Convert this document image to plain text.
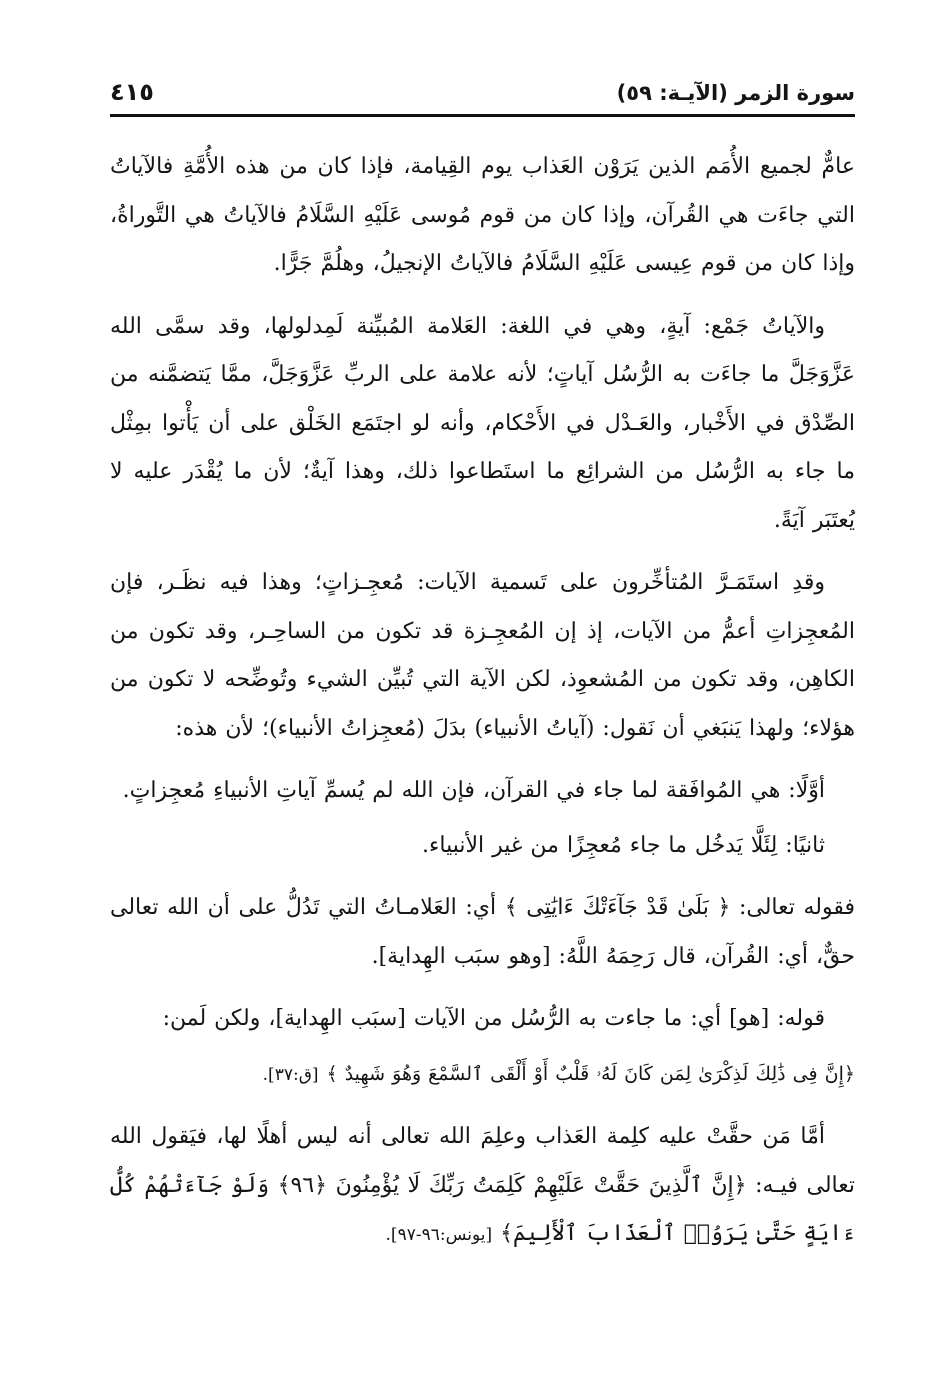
سورة الزمر (الآيـة: ٥٩)
٤١٥

عامٌّ لجميع الأُمَم الذين يَرَوْن العَذاب يوم القِيامة، فإذا كان من هذه الأُمَّةِ فالآياتُ التي جاءَت هي القُرآن، وإذا كان من قوم مُوسى عَلَيْهِ السَّلَامُ فالآياتُ هي التَّوراةُ، وإذا كان من قوم عِيسى عَلَيْهِ السَّلَامُ فالآياتُ الإنجيلُ، وهلُمَّ جَرًّا.

والآياتُ جَمْع: آيةٍ، وهي في اللغة: العَلامة المُبيِّنة لَمِدلولها، وقد سمَّى الله عَزَّوَجَلَّ ما جاءَت به الرُّسُل آياتٍ؛ لأنه علامة على الربِّ عَزَّوَجَلَّ، ممَّا يَتضمَّنه من الصِّدْق في الأَخْبار، والعَـدْل في الأَحْكام، وأنه لو اجتَمَع الخَلْق على أن يَأْتوا بمِثْل ما جاء به الرُّسُل من الشرائِع ما استَطاعوا ذلك، وهذا آيةٌ؛ لأن ما يُقْدَر عليه لا يُعتَبَر آيَةً.

وقدِ استَمَـرَّ المُتأخِّرون على تَسمية الآيات: مُعجِـزاتٍ؛ وهذا فيه نظَـر، فإن المُعجِزاتِ أعمُّ من الآيات، إذ إن المُعجِـزة قد تكون من الساحِـر، وقد تكون من الكاهِن، وقد تكون من المُشعوِذ، لكن الآية التي تُبيِّن الشيء وتُوضِّحه لا تكون من هؤلاء؛ ولهذا يَنبَغي أن نَقول: (آياتُ الأنبياء) بدَلَ (مُعجِزاتُ الأنبياء)؛ لأن هذه:

أوَّلًا: هي المُوافَقة لما جاء في القرآن، فإن الله لم يُسمِّ آياتِ الأنبياءِ مُعجِزاتٍ.

ثانيًا: لِئَلَّا يَدخُل ما جاء مُعجِزًا من غير الأنبياء.

فقوله تعالى: ﴿ بَلَىٰ قَدْ جَآءَتْكَ ءَايَٰتِى ﴾ أي: العَلامـاتُ التي تَدُلُّ على أن الله تعالى حقٌّ، أي: القُرآن، قال رَحِمَهُ اللَّهُ: [وهو سبَب الهِداية].

قوله: [هو] أي: ما جاءت به الرُّسُل من الآيات [سبَب الهِداية]، ولكن لَمن:

﴿إِنَّ فِى ذَٰلِكَ لَذِكْرَىٰ لِمَن كَانَ لَهُۥ قَلْبٌ أَوْ أَلْقَى ٱلسَّمْعَ وَهُوَ شَهِيدٌ ﴾ [ق:٣٧].

أمَّا مَن حقَّتْ عليه كلِمة العَذاب وعلِمَ الله تعالى أنه ليس أهلًا لها، فيَقول الله تعالى فيـه: ﴿إِنَّ ٱلَّذِينَ حَقَّتْ عَلَيْهِمْ كَلِمَتُ رَبِّكَ لَا يُؤْمِنُونَ ﴿٩٦﴾ وَلَوْ جَآءَتْهُمْ كُلُّ ءَايَةٍ حَتَّىٰ يَرَوُا۟ ٱلْعَذَابَ ٱلْأَلِيمَ﴾ [يونس:٩٦-٩٧].
